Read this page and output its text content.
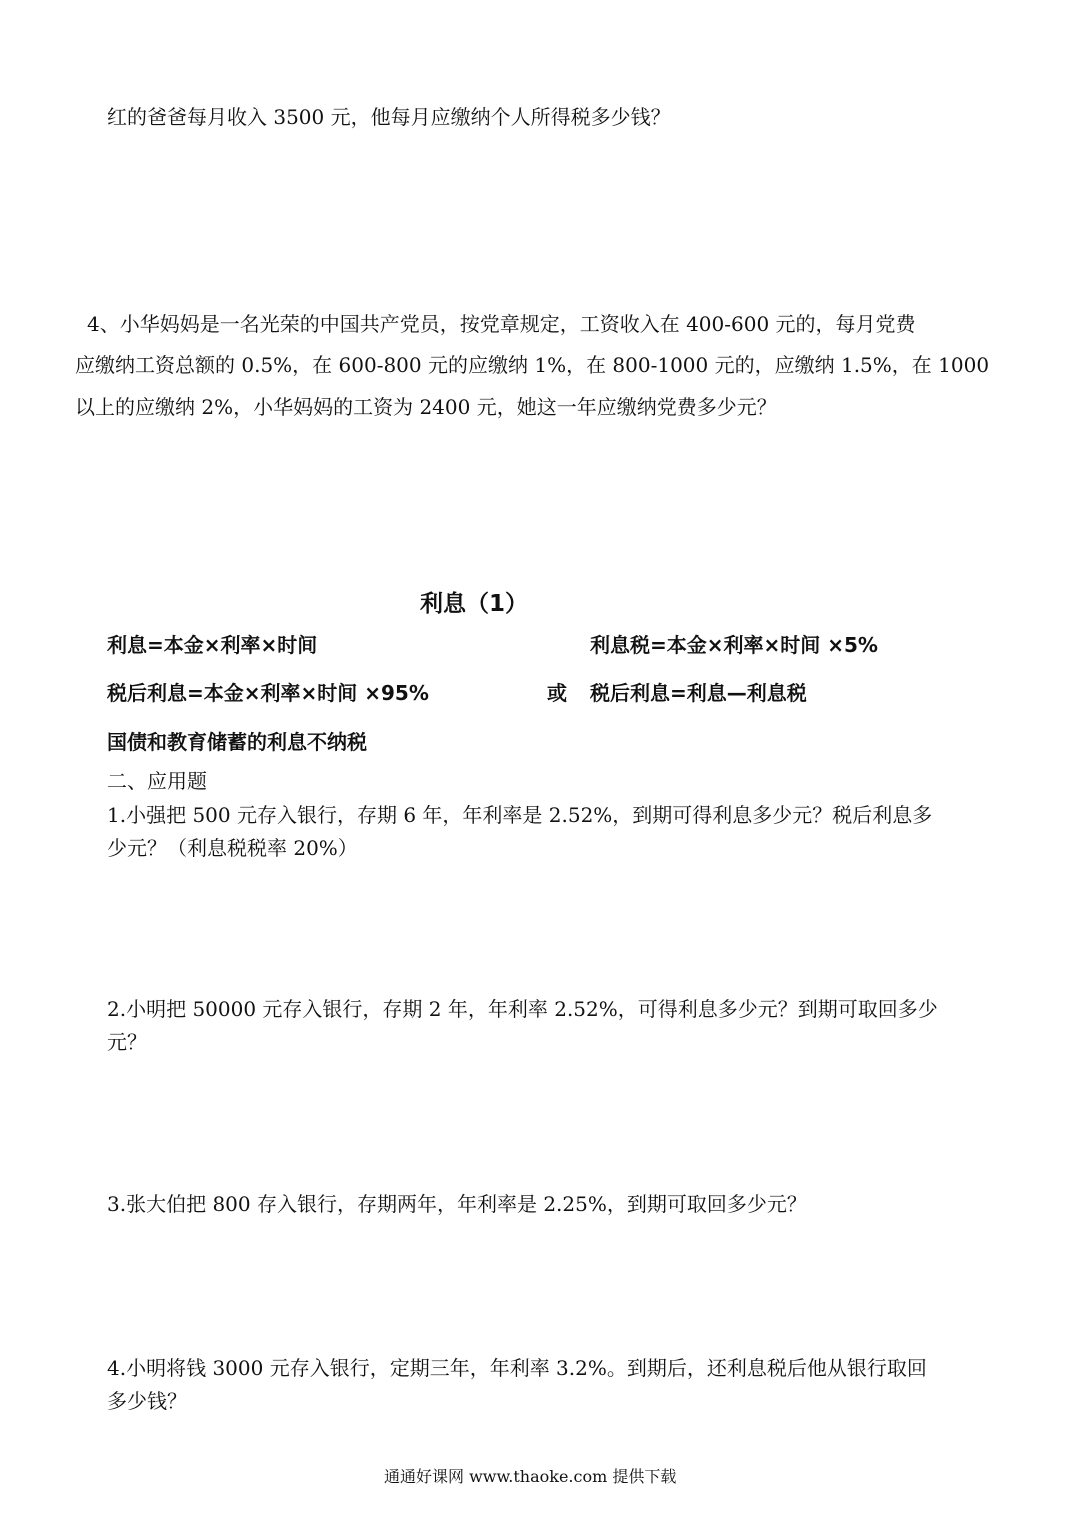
红的爸爸每月收入 3500 元，他每月应缴纳个人所得税多少钱？
4、小华妈妈是一名光荣的中国共产党员，按党章规定，工资收入在 400-600 元的，每月党费
应缴纳工资总额的 0.5%，在 600-800 元的应缴纳 1%，在 800-1000 元的，应缴纳 1.5%，在 1000
以上的应缴纳 2%，小华妈妈的工资为 2400 元，她这一年应缴纳党费多少元？
利息（1）
利息=本金×利率×时间	利息税=本金×利率×时间 ×5%
税后利息=本金×利率×时间 ×95%	或 税后利息=利息—利息税
国债和教育储蓄的利息不纳税
二、应用题
1.小强把 500 元存入银行，存期 6 年，年利率是 2.52%，到期可得利息多少元？税后利息多
少元？（利息税税率 20%）
2.小明把 50000 元存入银行，存期 2 年，年利率 2.52%，可得利息多少元？到期可取回多少
元？
3.张大伯把 800 存入银行，存期两年，年利率是 2.25%，到期可取回多少元？
4.小明将钱 3000 元存入银行，定期三年，年利率 3.2%。到期后，还利息税后他从银行取回
多少钱？
通通好课网 www.thaoke.com 提供下载
